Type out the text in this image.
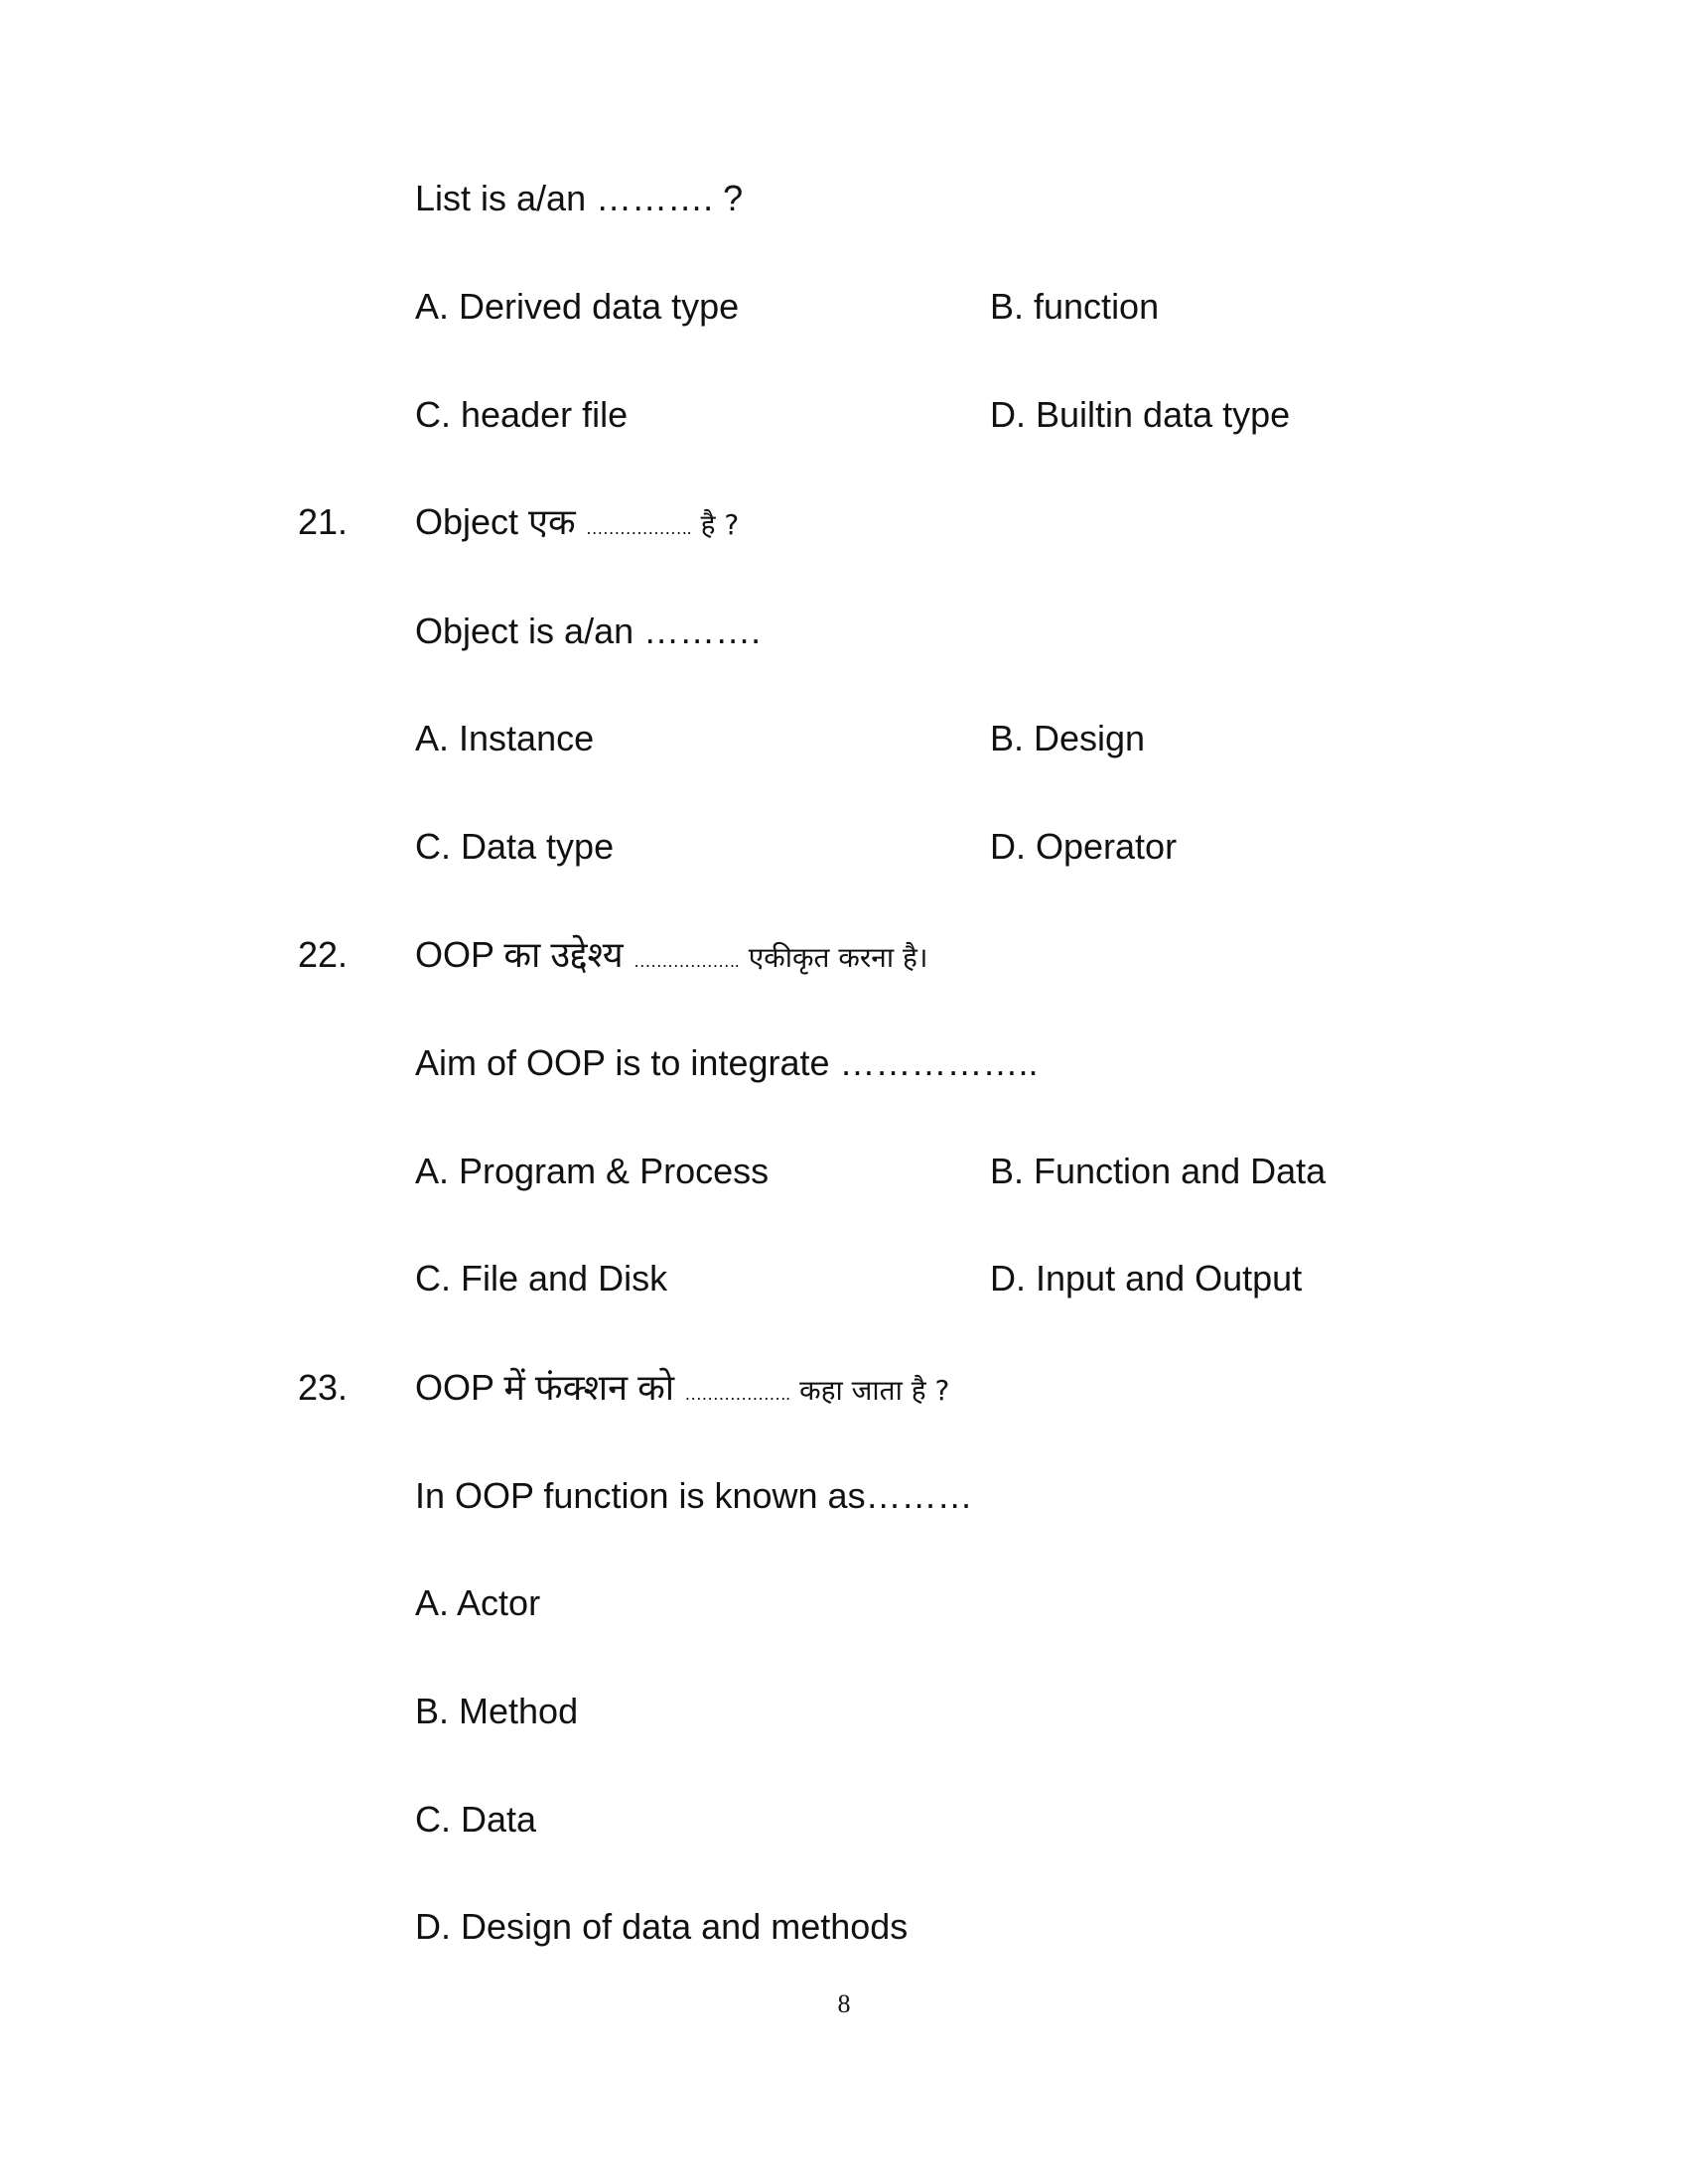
List is a/an ………. ?
A. Derived data type	B. function
C. header file	D. Builtin data type
21. Object एक ………………. है ?
Object is a/an ……….
A. Instance	B. Design
C. Data type	D. Operator
22. OOP का उद्देश्य ………………. एकीकृत करना है।
Aim of OOP is to integrate ……………..
A. Program & Process	B. Function and Data
C. File and Disk	D. Input and Output
23. OOP में फंक्शन को ………………. कहा जाता है ?
In OOP function is known as………
A. Actor
B. Method
C. Data
D. Design of data and methods
8
